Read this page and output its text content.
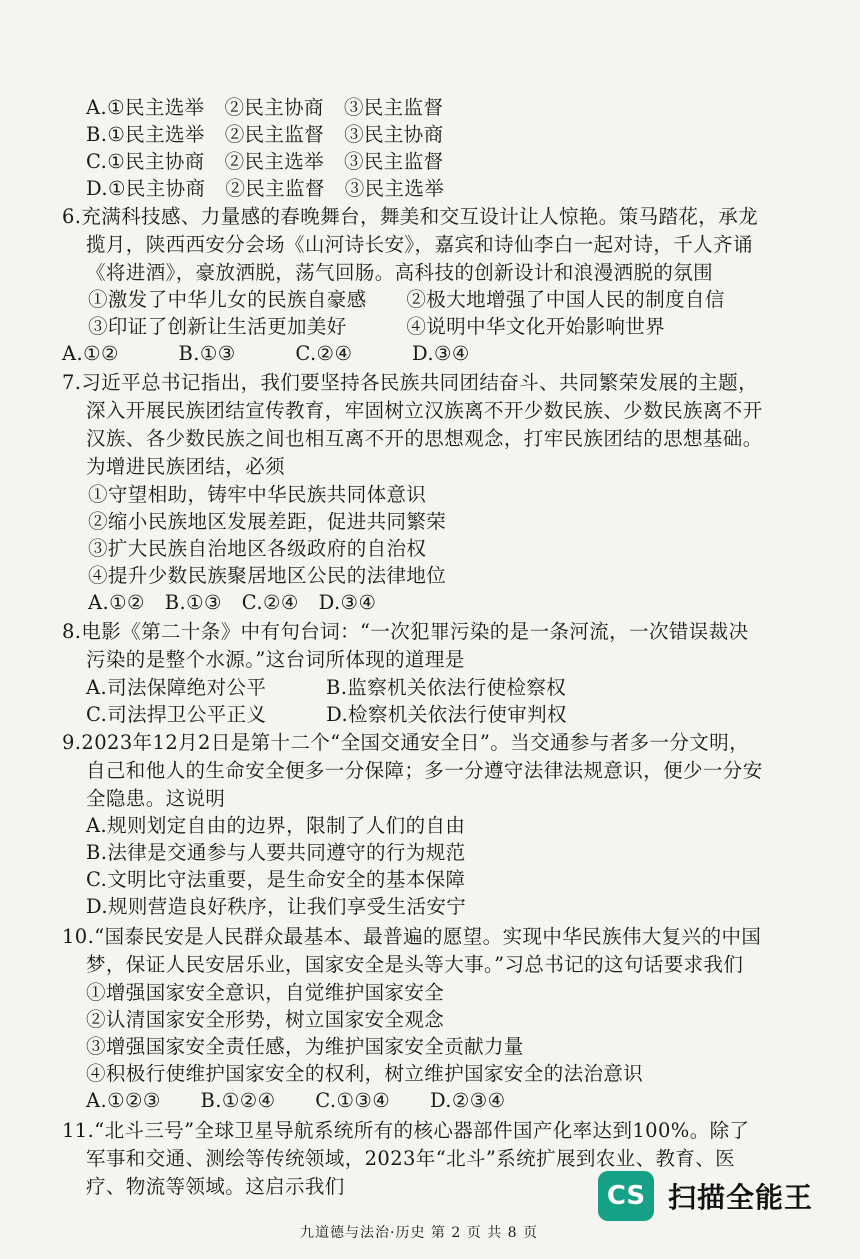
A.①民主选举　②民主协商　③民主监督
B.①民主选举　②民主监督　③民主协商
C.①民主协商　②民主选举　③民主监督
D.①民主协商　②民主监督　③民主选举
6.充满科技感、力量感的春晚舞台，舞美和交互设计让人惊艳。策马踏花，承龙
揽月，陕西西安分会场《山河诗长安》，嘉宾和诗仙李白一起对诗，千人齐诵
《将进酒》，豪放洒脱，荡气回肠。高科技的创新设计和浪漫洒脱的氛围
①激发了中华儿女的民族自豪感　　②极大地增强了中国人民的制度自信
③印证了创新让生活更加美好　　　④说明中华文化开始影响世界
A.①②　　　B.①③　　　C.②④　　　D.③④
7.习近平总书记指出，我们要坚持各民族共同团结奋斗、共同繁荣发展的主题，
深入开展民族团结宣传教育，牢固树立汉族离不开少数民族、少数民族离不开
汉族、各少数民族之间也相互离不开的思想观念，打牢民族团结的思想基础。
为增进民族团结，必须
①守望相助，铸牢中华民族共同体意识
②缩小民族地区发展差距，促进共同繁荣
③扩大民族自治地区各级政府的自治权
④提升少数民族聚居地区公民的法律地位
A.①②　B.①③　C.②④　D.③④
8.电影《第二十条》中有句台词：“一次犯罪污染的是一条河流，一次错误裁决
污染的是整个水源。”这台词所体现的道理是
A.司法保障绝对公平　　　B.监察机关依法行使检察权
C.司法捍卫公平正义　　　D.检察机关依法行使审判权
9.2023年12月2日是第十二个“全国交通安全日”。当交通参与者多一分文明，
自己和他人的生命安全便多一分保障；多一分遵守法律法规意识，便少一分安
全隐患。这说明
A.规则划定自由的边界，限制了人们的自由
B.法律是交通参与人要共同遵守的行为规范
C.文明比守法重要，是生命安全的基本保障
D.规则营造良好秩序，让我们享受生活安宁
10.“国泰民安是人民群众最基本、最普遍的愿望。实现中华民族伟大复兴的中国
梦，保证人民安居乐业，国家安全是头等大事。”习总书记的这句话要求我们
①增强国家安全意识，自觉维护国家安全
②认清国家安全形势，树立国家安全观念
③增强国家安全责任感，为维护国家安全贡献力量
④积极行使维护国家安全的权利，树立维护国家安全的法治意识
A.①②③　　B.①②④　　C.①③④　　D.②③④
11.“北斗三号”全球卫星导航系统所有的核心器部件国产化率达到100%。除了
军事和交通、测绘等传统领域，2023年“北斗”系统扩展到农业、教育、医
疗、物流等领域。这启示我们
九道德与法治·历史 第 2 页 共 8 页
CS 扫描全能王
